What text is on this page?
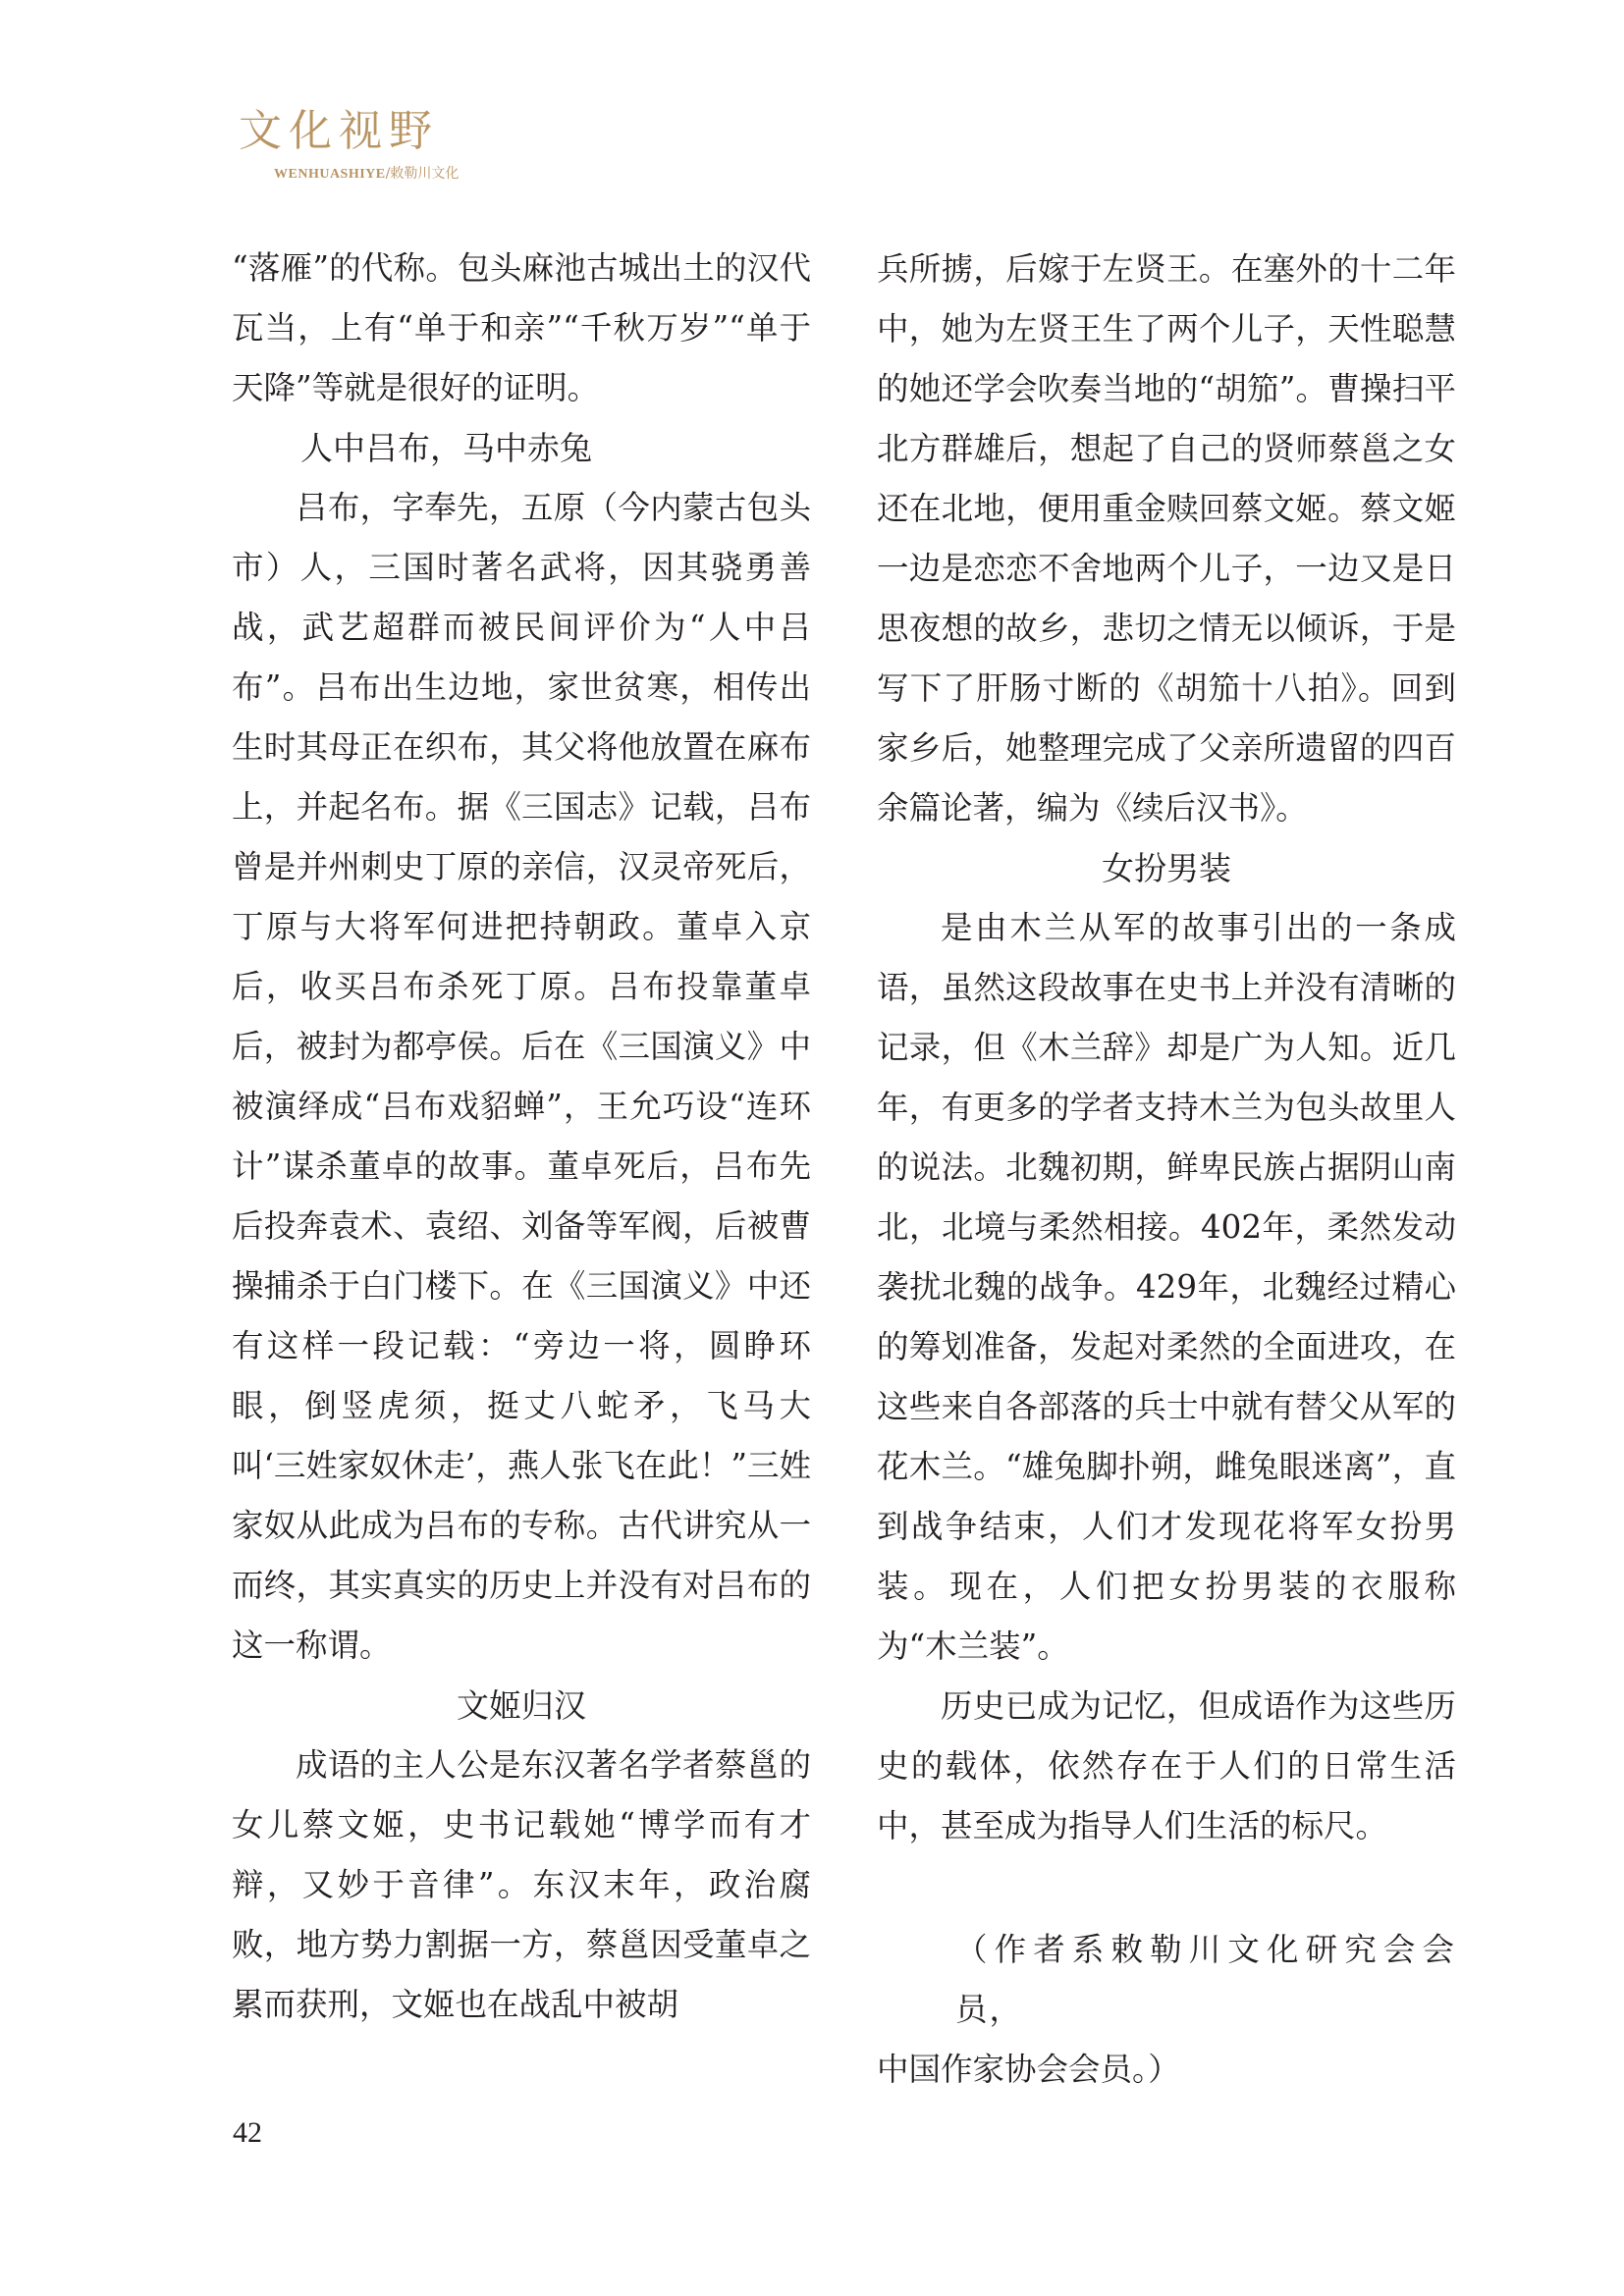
文化视野
WENHUASHIYE/敕勒川文化

“落雁”的代称。包头麻池古城出土的汉代瓦当，上有“单于和亲”“千秋万岁”“单于天降”等就是很好的证明。

人中吕布，马中赤兔

吕布，字奉先，五原（今内蒙古包头市）人，三国时著名武将，因其骁勇善战，武艺超群而被民间评价为“人中吕布”。吕布出生边地，家世贫寒，相传出生时其母正在织布，其父将他放置在麻布上，并起名布。据《三国志》记载，吕布曾是并州刺史丁原的亲信，汉灵帝死后，丁原与大将军何进把持朝政。董卓入京后，收买吕布杀死丁原。吕布投靠董卓后，被封为都亭侯。后在《三国演义》中被演绎成“吕布戏貂蝉”，王允巧设“连环计”谋杀董卓的故事。董卓死后，吕布先后投奔袁术、袁绍、刘备等军阀，后被曹操捕杀于白门楼下。在《三国演义》中还有这样一段记载：“旁边一将，圆睁环眼，倒竖虎须，挺丈八蛇矛，飞马大叫‘三姓家奴休走’，燕人张飞在此！”三姓家奴从此成为吕布的专称。古代讲究从一而终，其实真实的历史上并没有对吕布的这一称谓。

文姬归汉

成语的主人公是东汉著名学者蔡邕的女儿蔡文姬，史书记载她“博学而有才辩，又妙于音律”。东汉末年，政治腐败，地方势力割据一方，蔡邕因受董卓之累而获刑，文姬也在战乱中被胡

兵所掳，后嫁于左贤王。在塞外的十二年中，她为左贤王生了两个儿子，天性聪慧的她还学会吹奏当地的“胡笳”。曹操扫平北方群雄后，想起了自己的贤师蔡邕之女还在北地，便用重金赎回蔡文姬。蔡文姬一边是恋恋不舍地两个儿子，一边又是日思夜想的故乡，悲切之情无以倾诉，于是写下了肝肠寸断的《胡笳十八拍》。回到家乡后，她整理完成了父亲所遗留的四百余篇论著，编为《续后汉书》。

女扮男装

是由木兰从军的故事引出的一条成语，虽然这段故事在史书上并没有清晰的记录，但《木兰辞》却是广为人知。近几年，有更多的学者支持木兰为包头故里人的说法。北魏初期，鲜卑民族占据阴山南北，北境与柔然相接。402年，柔然发动袭扰北魏的战争。429年，北魏经过精心的筹划准备，发起对柔然的全面进攻，在这些来自各部落的兵士中就有替父从军的花木兰。“雄兔脚扑朔，雌兔眼迷离”，直到战争结束，人们才发现花将军女扮男装。现在，人们把女扮男装的衣服称为“木兰装”。

历史已成为记忆，但成语作为这些历史的载体，依然存在于人们的日常生活中，甚至成为指导人们生活的标尺。

（作者系敕勒川文化研究会会员，

中国作家协会会员。）

42
